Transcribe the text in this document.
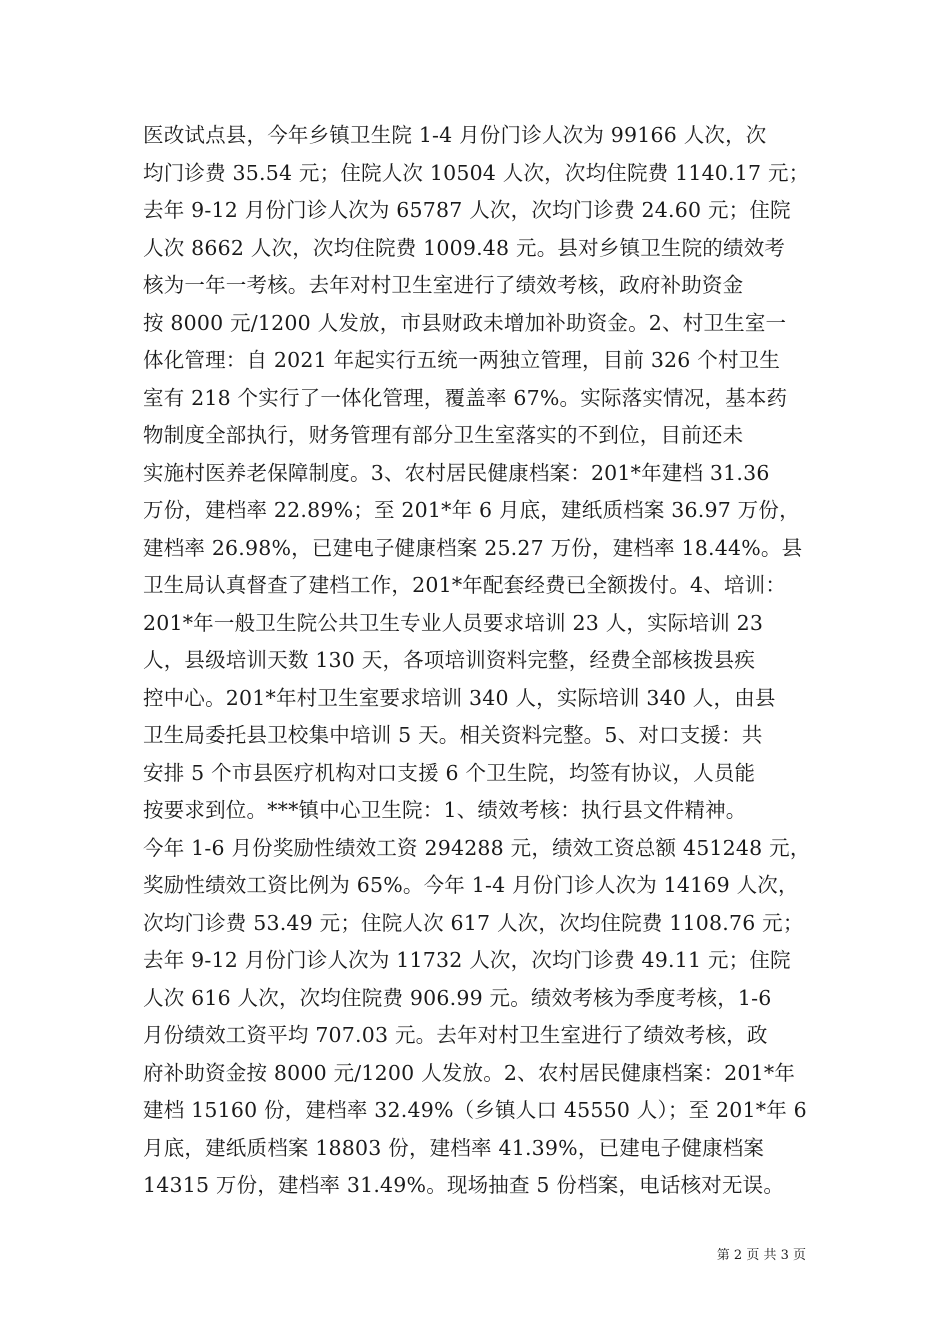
医改试点县，今年乡镇卫生院 1-4 月份门诊人次为 99166 人次，次
均门诊费 35.54 元；住院人次 10504 人次，次均住院费 1140.17 元；
去年 9-12 月份门诊人次为 65787 人次，次均门诊费 24.60 元；住院
人次 8662 人次，次均住院费 1009.48 元。县对乡镇卫生院的绩效考
核为一年一考核。去年对村卫生室进行了绩效考核，政府补助资金
按 8000 元/1200 人发放，市县财政未增加补助资金。2、村卫生室一
体化管理：自 2021 年起实行五统一两独立管理，目前 326 个村卫生
室有 218 个实行了一体化管理，覆盖率 67%。实际落实情况，基本药
物制度全部执行，财务管理有部分卫生室落实的不到位，目前还未
实施村医养老保障制度。3、农村居民健康档案：201*年建档 31.36
万份，建档率 22.89%；至 201*年 6 月底，建纸质档案 36.97 万份，
建档率 26.98%，已建电子健康档案 25.27 万份，建档率 18.44%。县
卫生局认真督查了建档工作，201*年配套经费已全额拨付。4、培训：
201*年一般卫生院公共卫生专业人员要求培训 23 人，实际培训 23
人，县级培训天数 130 天，各项培训资料完整，经费全部核拨县疾
控中心。201*年村卫生室要求培训 340 人，实际培训 340 人，由县
卫生局委托县卫校集中培训 5 天。相关资料完整。5、对口支援：共
安排 5 个市县医疗机构对口支援 6 个卫生院，均签有协议，人员能
按要求到位。***镇中心卫生院：1、绩效考核：执行县文件精神。
今年 1-6 月份奖励性绩效工资 294288 元，绩效工资总额 451248 元，
奖励性绩效工资比例为 65%。今年 1-4 月份门诊人次为 14169 人次，
次均门诊费 53.49 元；住院人次 617 人次，次均住院费 1108.76 元；
去年 9-12 月份门诊人次为 11732 人次，次均门诊费 49.11 元；住院
人次 616 人次，次均住院费 906.99 元。绩效考核为季度考核，1-6
月份绩效工资平均 707.03 元。去年对村卫生室进行了绩效考核，政
府补助资金按 8000 元/1200 人发放。2、农村居民健康档案：201*年
建档 15160 份，建档率 32.49%（乡镇人口 45550 人）；至 201*年 6
月底，建纸质档案 18803 份，建档率 41.39%，已建电子健康档案
14315 万份，建档率 31.49%。现场抽查 5 份档案，电话核对无误。
第 2 页 共 3 页
